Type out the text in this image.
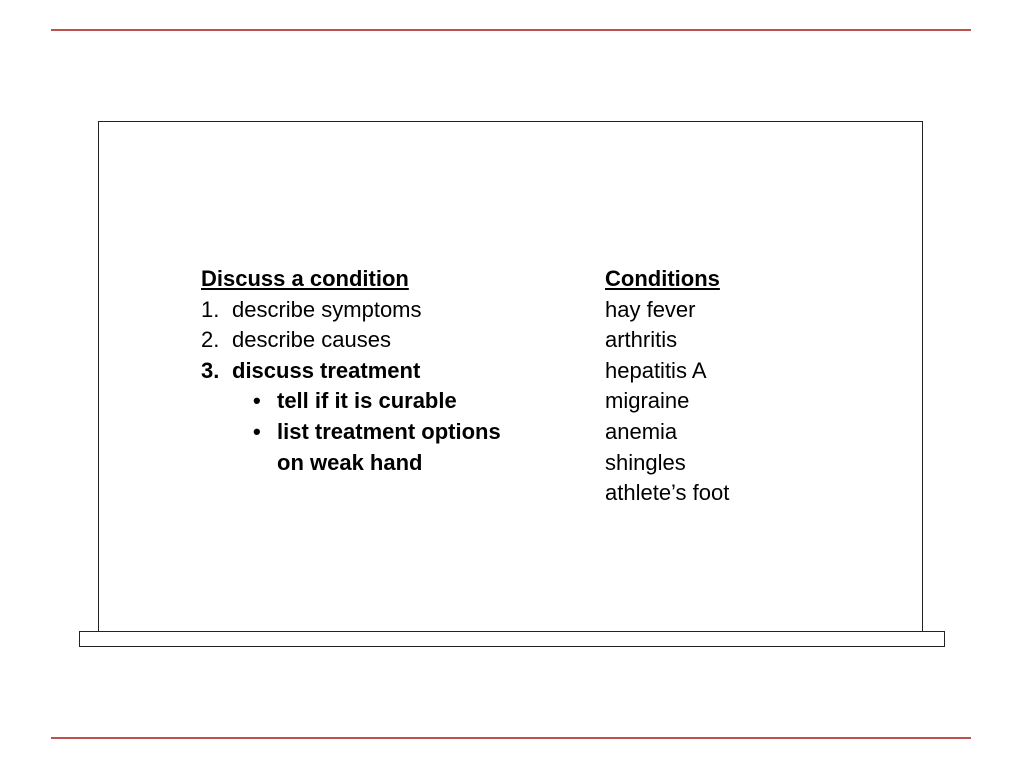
Discuss a condition
1. describe symptoms
2. describe causes
3. discuss treatment
• tell if it is curable
• list treatment options
on weak hand
Conditions
hay fever
arthritis
hepatitis A
migraine
anemia
shingles
athlete’s foot
